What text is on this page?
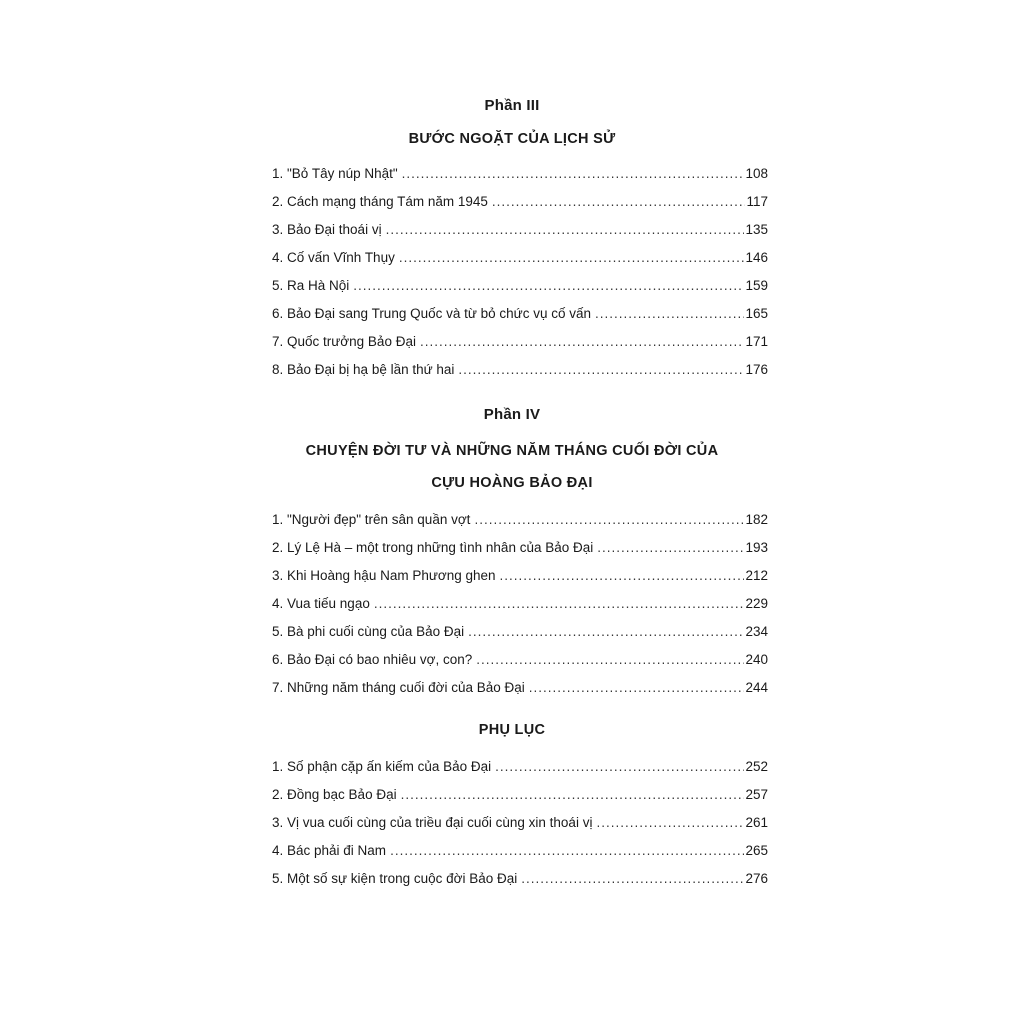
Phần III
BƯỚC NGOẶT CỦA LỊCH SỬ
1. "Bỏ Tây núp Nhật" .....	108
2. Cách mạng tháng Tám năm 1945 .....	117
3. Bảo Đại thoái vị .....	135
4. Cố vấn Vĩnh Thụy .....	146
5. Ra Hà Nội .....	159
6. Bảo Đại sang Trung Quốc và từ bỏ chức vụ cố vấn .....	165
7. Quốc trưởng Bảo Đại .....	171
8. Bảo Đại bị hạ bệ lần thứ hai .....	176
Phần IV
CHUYỆN ĐỜI TƯ VÀ NHỮNG NĂM THÁNG CUỐI ĐỜI CỦA
CỰU HOÀNG BẢO ĐẠI
1. "Người đẹp" trên sân quần vợt .....	182
2. Lý Lệ Hà – một trong những tình nhân của Bảo Đại .....	193
3. Khi Hoàng hậu Nam Phương ghen .....	212
4. Vua tiếu ngạo .....	229
5. Bà phi cuối cùng của Bảo Đại .....	234
6. Bảo Đại có bao nhiêu vợ, con? .....	240
7. Những năm tháng cuối đời của Bảo Đại .....	244
PHỤ LỤC
1. Số phận cặp ấn kiếm của Bảo Đại .....	252
2. Đồng bạc Bảo Đại .....	257
3. Vị vua cuối cùng của triều đại cuối cùng xin thoái vị .....	261
4. Bác phải đi Nam .....	265
5. Một số sự kiện trong cuộc đời Bảo Đại .....	276
